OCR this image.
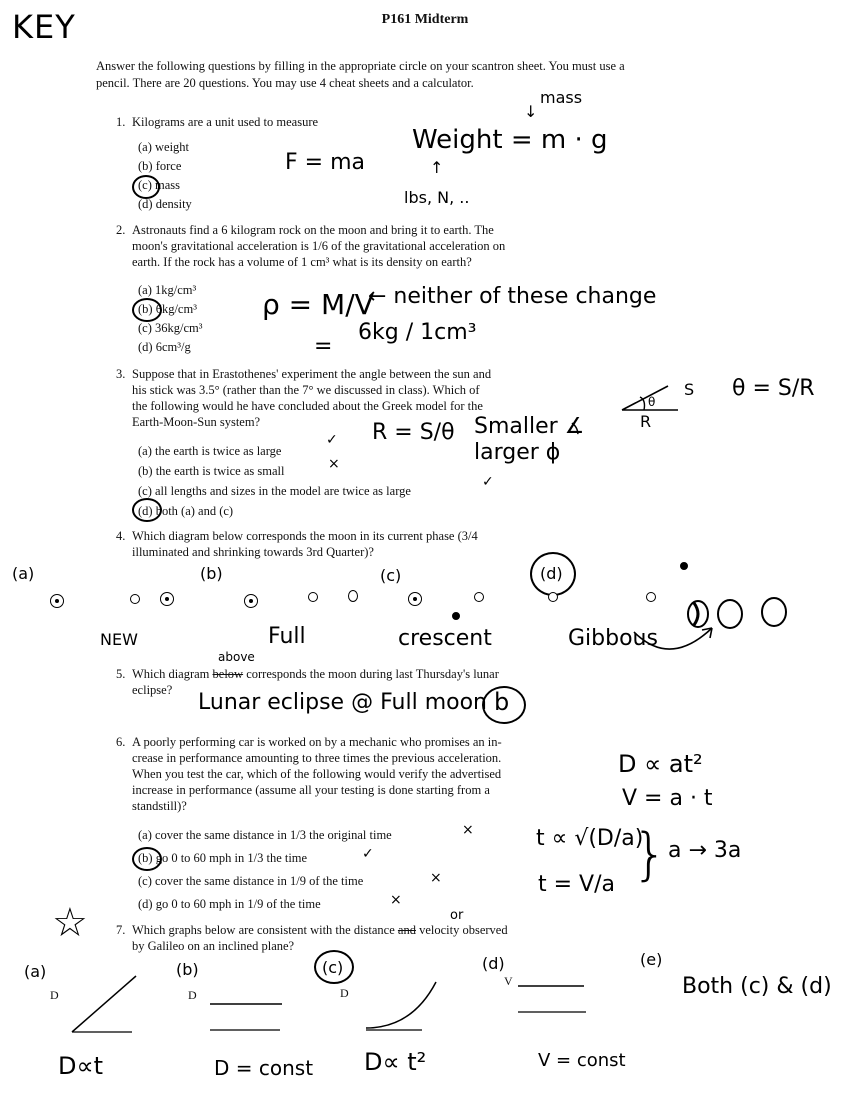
P161 Midterm
KEY
Answer the following questions by filling in the appropriate circle on your scantron sheet. You must use a
pencil. There are 20 questions. You may use 4 cheat sheets and a calculator.
1. Kilograms are a unit used to measure
(a) weight
(b) force
(c) mass
(d) density
F = ma
Weight = m · g
mass
↓
↑
lbs, N, ..
2. Astronauts find a 6 kilogram rock on the moon and bring it to earth. The
moon's gravitational acceleration is 1/6 of the gravitational acceleration on
earth. If the rock has a volume of 1 cm³ what is its density on earth?
(a) 1kg/cm³
(b) 6kg/cm³
(c) 36kg/cm³
(d) 6cm³/g
ρ = M/V
← neither of these change
=
6kg / 1cm³
3. Suppose that in Erastothenes' experiment the angle between the sun and
his stick was 3.5° (rather than the 7° we discussed in class). Which of
the following would he have concluded about the Greek model for the
Earth-Moon-Sun system?
(a) the earth is twice as large
(b) the earth is twice as small
(c) all lengths and sizes in the model are twice as large
(d) both (a) and (c)
✓
×
✓
R = S/θ Smaller ∡
larger ϕ
θ = S/R
S
R
θ
4. Which diagram below corresponds the moon in its current phase (3/4
illuminated and shrinking towards 3rd Quarter)?
(a)	(b)	(c)	(d)
NEW	Full	crescent	Gibbous
5. Which diagram below corresponds the moon during last Thursday's lunar
eclipse?
above
Lunar eclipse @ Full moon b
6. A poorly performing car is worked on by a mechanic who promises an in-
crease in performance amounting to three times the previous acceleration.
When you test the car, which of the following would verify the advertised
increase in performance (assume all your testing is done starting from a
standstill)?
(a) cover the same distance in 1/3 the original time
(b) go 0 to 60 mph in 1/3 the time
(c) cover the same distance in 1/9 of the time
(d) go 0 to 60 mph in 1/9 of the time
×
✓
×
×
D ∝ at²
V = a · t
t ∝ √(D/a)
t = V/a } a → 3a
☆ 7. Which graphs below are consistent with the distance and velocity observed
by Galileo on an inclined plane?
or
(a)	(b)	(c)	(d)	(e)
D	D	D
V	Both (c) & (d)
D∝t	D = const D∝ t²	V = const
